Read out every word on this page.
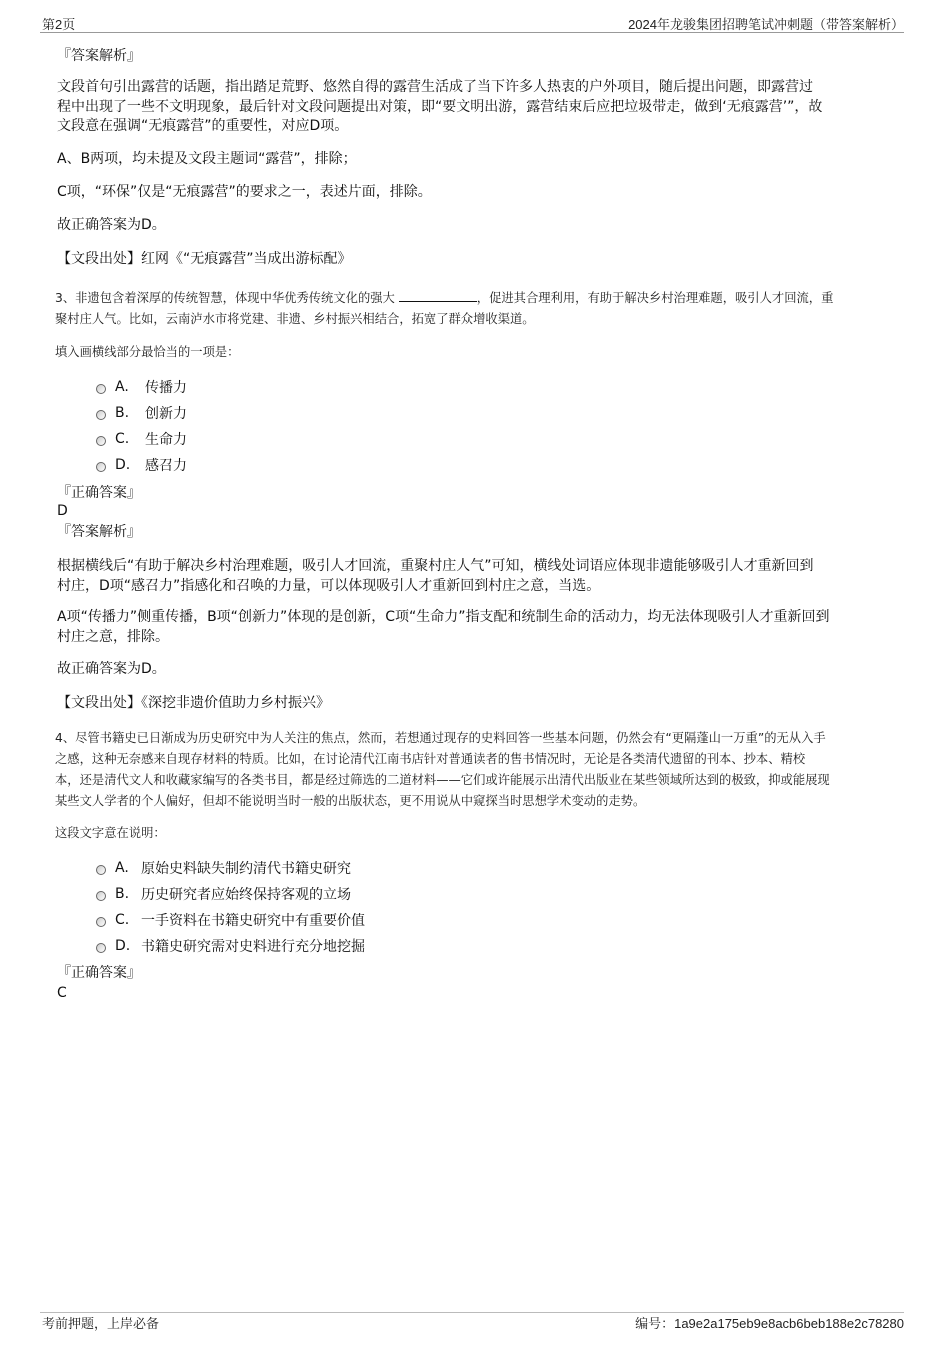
第2页	2024年龙骏集团招聘笔试冲刺题（带答案解析）
『答案解析』
文段首句引出露营的话题，指出踏足荒野、悠然自得的露营生活成了当下许多人热衷的户外项目，随后提出问题，即露营过
程中出现了一些不文明现象，最后针对文段问题提出对策，即“要文明出游，露营结束后应把垃圾带走，做到‘无痕露营’”，故
文段意在强调“无痕露营”的重要性，对应D项。
A、B两项，均未提及文段主题词“露营”，排除；
C项，“环保”仅是“无痕露营”的要求之一，表述片面，排除。
故正确答案为D。
【文段出处】红网《“无痕露营”当成出游标配》
3、非遗包含着深厚的传统智慧，体现中华优秀传统文化的强大	，促进其合理利用，有助于解决乡村治理难题，吸引人才回流，重
聚村庄人气。比如，云南泸水市将党建、非遗、乡村振兴相结合，拓宽了群众增收渠道。
填入画横线部分最恰当的一项是：
A.	传播力
B.	创新力
C.	生命力
D.	感召力
『正确答案』
D
『答案解析』
根据横线后“有助于解决乡村治理难题，吸引人才回流，重聚村庄人气”可知，横线处词语应体现非遗能够吸引人才重新回到
村庄，D项“感召力”指感化和召唤的力量，可以体现吸引人才重新回到村庄之意，当选。
A项“传播力”侧重传播，B项“创新力”体现的是创新，C项“生命力”指支配和统制生命的活动力，均无法体现吸引人才重新回到
村庄之意，排除。
故正确答案为D。
【文段出处】《深挖非遗价值助力乡村振兴》
4、尽管书籍史已日渐成为历史研究中为人关注的焦点，然而，若想通过现存的史料回答一些基本问题，仍然会有“更隔蓬山一万重”的无从入手
之感，这种无奈感来自现存材料的特质。比如，在讨论清代江南书店针对普通读者的售书情况时，无论是各类清代遗留的刊本、抄本、精校
本，还是清代文人和收藏家编写的各类书目，都是经过筛选的二道材料——它们或许能展示出清代出版业在某些领域所达到的极致，抑或能展现
某些文人学者的个人偏好，但却不能说明当时一般的出版状态，更不用说从中窥探当时思想学术变动的走势。
这段文字意在说明：
A. 原始史料缺失制约清代书籍史研究
B. 历史研究者应始终保持客观的立场
C. 一手资料在书籍史研究中有重要价值
D. 书籍史研究需对史料进行充分地挖掘
『正确答案』
C
考前押题，上岸必备	编号：1a9e2a175eb9e8acb6beb188e2c78280
